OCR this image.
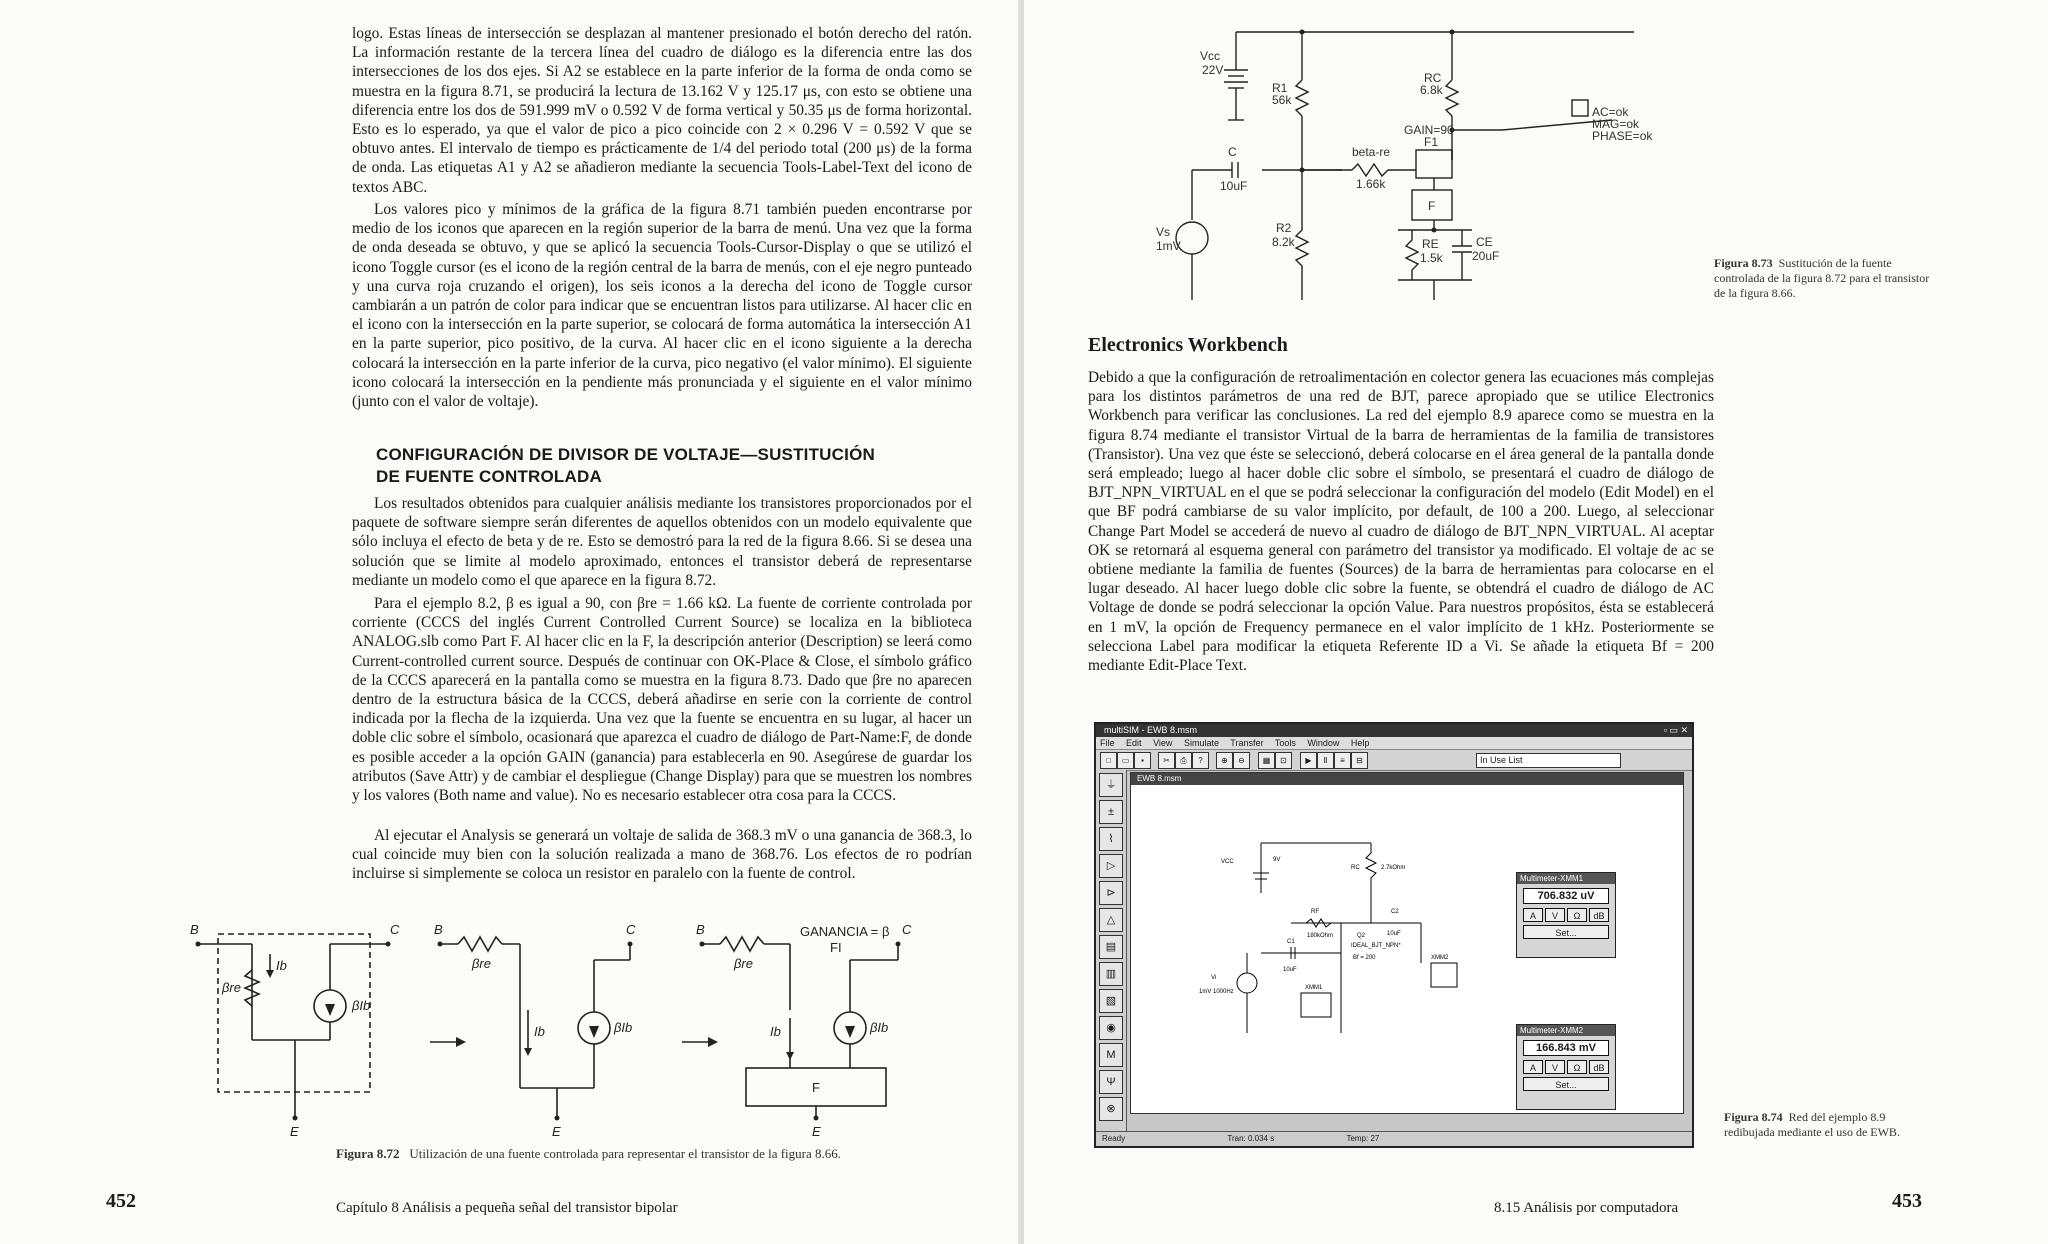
logo. Estas líneas de intersección se desplazan al mantener presionado el botón derecho del ratón. La información restante de la tercera línea del cuadro de diálogo es la diferencia entre las dos intersecciones de los dos ejes. Si A2 se establece en la parte inferior de la forma de onda como se muestra en la figura 8.71, se producirá la lectura de 13.162 V y 125.17 μs, con esto se obtiene una diferencia entre los dos de 591.999 mV o 0.592 V de forma vertical y 50.35 μs de forma horizontal. Esto es lo esperado, ya que el valor de pico a pico coincide con 2 × 0.296 V = 0.592 V que se obtuvo antes. El intervalo de tiempo es prácticamente de 1/4 del periodo total (200 μs) de la forma de onda. Las etiquetas A1 y A2 se añadieron mediante la secuencia Tools-Label-Text del icono de textos ABC.

Los valores pico y mínimos de la gráfica de la figura 8.71 también pueden encontrarse por medio de los iconos que aparecen en la región superior de la barra de menú. Una vez que la forma de onda deseada se obtuvo, y que se aplicó la secuencia Tools-Cursor-Display o que se utilizó el icono Toggle cursor (es el icono de la región central de la barra de menús, con el eje negro punteado y una curva roja cruzando el origen), los seis iconos a la derecha del icono de Toggle cursor cambiarán a un patrón de color para indicar que se encuentran listos para utilizarse. Al hacer clic en el icono con la intersección en la parte superior, se colocará de forma automática la intersección A1 en la parte superior, pico positivo, de la curva. Al hacer clic en el icono siguiente a la derecha colocará la intersección en la parte inferior de la curva, pico negativo (el valor mínimo). El siguiente icono colocará la intersección en la pendiente más pronunciada y el siguiente en el valor mínimo (junto con el valor de voltaje).

CONFIGURACIÓN DE DIVISOR DE VOLTAJE—SUSTITUCIÓN DE FUENTE CONTROLADA

Los resultados obtenidos para cualquier análisis mediante los transistores proporcionados por el paquete de software siempre serán diferentes de aquellos obtenidos con un modelo equivalente que sólo incluya el efecto de beta y de re. Esto se demostró para la red de la figura 8.66. Si se desea una solución que se limite al modelo aproximado, entonces el transistor deberá de representarse mediante un modelo como el que aparece en la figura 8.72.

Para el ejemplo 8.2, β es igual a 90, con βre = 1.66 kΩ. La fuente de corriente controlada por corriente (CCCS del inglés Current Controlled Current Source) se localiza en la biblioteca ANALOG.slb como Part F. Al hacer clic en la F, la descripción anterior (Description) se leerá como Current-controlled current source. Después de continuar con OK-Place & Close, el símbolo gráfico de la CCCS aparecerá en la pantalla como se muestra en la figura 8.73. Dado que βre no aparecen dentro de la estructura básica de la CCCS, deberá añadirse en serie con la corriente de control indicada por la flecha de la izquierda. Una vez que la fuente se encuentra en su lugar, al hacer un doble clic sobre el símbolo, ocasionará que aparezca el cuadro de diálogo de Part-Name:F, de donde es posible acceder a la opción GAIN (ganancia) para establecerla en 90. Asegúrese de guardar los atributos (Save Attr) y de cambiar el despliegue (Change Display) para que se muestren los nombres y los valores (Both name and value). No es necesario establecer otra cosa para la CCCS.

Al ejecutar el Analysis se generará un voltaje de salida de 368.3 mV o una ganancia de 368.3, lo cual coincide muy bien con la solución realizada a mano de 368.76. Los efectos de ro podrían incluirse si simplemente se coloca un resistor en paralelo con la fuente de control.

B	C
E
βre
Ib
βIb
B	C
E
βre
Ib	βIb
B	C
E
βre
Ib	βIb
GANANCIA = β
FI
F
Figura 8.72 Utilización de una fuente controlada para representar el transistor de la figura 8.66.
452	Capítulo 8 Análisis a pequeña señal del transistor bipolar
Vcc
22V
R1
56k
RC
6.8k
C
10uF
R2
8.2k
Vs
1mV
GAIN=90
beta-re
F1
1.66k
F
RE
1.5k
CE
20uF
AC=ok
MAG=ok
PHASE=ok
Figura 8.73 Sustitución de la fuente controlada de la figura 8.72 para el transistor de la figura 8.66.
Electronics Workbench

Debido a que la configuración de retroalimentación en colector genera las ecuaciones más complejas para los distintos parámetros de una red de BJT, parece apropiado que se utilice Electronics Workbench para verificar las conclusiones. La red del ejemplo 8.9 aparece como se muestra en la figura 8.74 mediante el transistor Virtual de la barra de herramientas de la familia de transistores (Transistor). Una vez que éste se seleccionó, deberá colocarse en el área general de la pantalla donde será empleado; luego al hacer doble clic sobre el símbolo, se presentará el cuadro de diálogo de BJT_NPN_VIRTUAL en el que se podrá seleccionar la configuración del modelo (Edit Model) en el que BF podrá cambiarse de su valor implícito, por default, de 100 a 200. Luego, al seleccionar Change Part Model se accederá de nuevo al cuadro de diálogo de BJT_NPN_VIRTUAL. Al aceptar OK se retornará al esquema general con parámetro del transistor ya modificado. El voltaje de ac se obtiene mediante la familia de fuentes (Sources) de la barra de herramientas para colocarse en el lugar deseado. Al hacer luego doble clic sobre la fuente, se obtendrá el cuadro de diálogo de AC Voltage de donde se podrá seleccionar la opción Value. Para nuestros propósitos, ésta se establecerá en 1 mV, la opción de Frequency permanece en el valor implícito de 1 kHz. Posteriormente se selecciona Label para modificar la etiqueta Referente ID a Vi. Se añade la etiqueta Bf = 200 mediante Edit-Place Text.

Figura 8.74 Red del ejemplo 8.9 redibujada mediante el uso de EWB.
8.15 Análisis por computadora	453
multiSIM - EWB 8.msm	▫ ▭ ✕
File Edit View Simulate Transfer Tools Window Help
□	▭	▪	✂	⎙	?	⊕	⊖	▦	⊡	▶	Ⅱ	≡	⊟	In Use List
⏚
±
⌇
▷
⊳
△
▤
▥
▧
◉
M
Ψ
⊗
EWB 8.msm
VCC	9V
RC	2.7kOhm
RF
180kOhm
C1
10uF
C2
10uF
Q2
IDEAL_BJT_NPN*
Bf = 200
Vi
1mV 1000Hz
XMM1
XMM2
Multimeter-XMM1
706.832 uV
A	V	Ω	dB
Set...
Multimeter-XMM2
166.843 mV
A	V	Ω	dB
Set...
Ready	Tran: 0.034 s	Temp: 27
